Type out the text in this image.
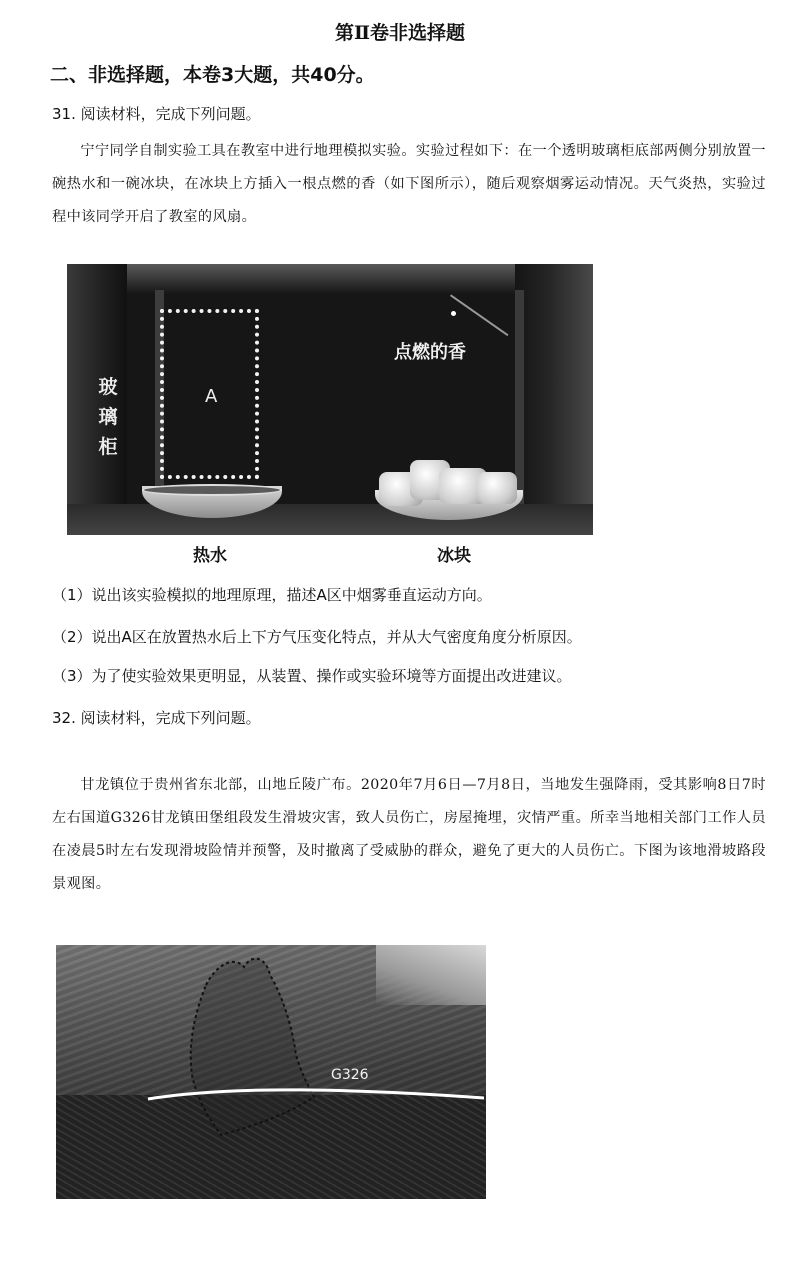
第Ⅱ卷非选择题
二、非选择题，本卷3大题，共40分。
31. 阅读材料，完成下列问题。
宁宁同学自制实验工具在教室中进行地理模拟实验。实验过程如下：在一个透明玻璃柜底部两侧分别放置一碗热水和一碗冰块，在冰块上方插入一根点燃的香（如下图所示），随后观察烟雾运动情况。天气炎热，实验过程中该同学开启了教室的风扇。
玻璃柜
A
点燃的香
热水	冰块
（1）说出该实验模拟的地理原理，描述A区中烟雾垂直运动方向。
（2）说出A区在放置热水后上下方气压变化特点，并从大气密度角度分析原因。
（3）为了使实验效果更明显，从装置、操作或实验环境等方面提出改进建议。
32. 阅读材料，完成下列问题。
甘龙镇位于贵州省东北部，山地丘陵广布。2020年7月6日—7月8日，当地发生强降雨，受其影响8日7时左右国道G326甘龙镇田堡组段发生滑坡灾害，致人员伤亡，房屋掩埋，灾情严重。所幸当地相关部门工作人员在凌晨5时左右发现滑坡险情并预警，及时撤离了受威胁的群众，避免了更大的人员伤亡。下图为该地滑坡路段景观图。
G326
